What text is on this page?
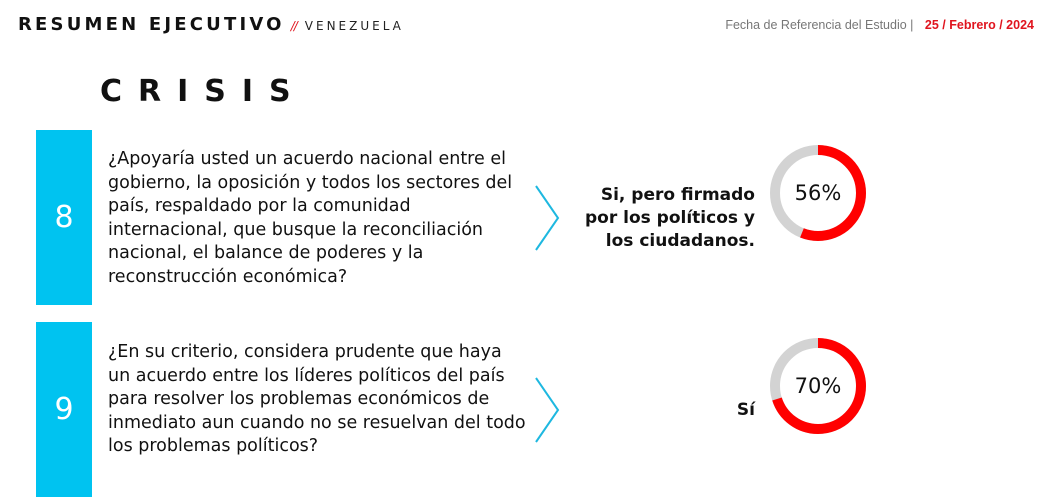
RESUMEN EJECUTIVO // VENEZUELA	Fecha de Referencia del Estudio | 25 / Febrero / 2024
CRISIS
8
¿Apoyaría usted un acuerdo nacional entre el gobierno, la oposición y todos los sectores del país, respaldado por la comunidad internacional, que busque la reconciliación nacional, el balance de poderes y la reconstrucción económica?
Si, pero firmado por los políticos y los ciudadanos.
56%
9
¿En su criterio, considera prudente que haya un acuerdo entre los líderes políticos del país para resolver los problemas económicos de inmediato aun cuando no se resuelvan del todo los problemas políticos?
Sí
70%
